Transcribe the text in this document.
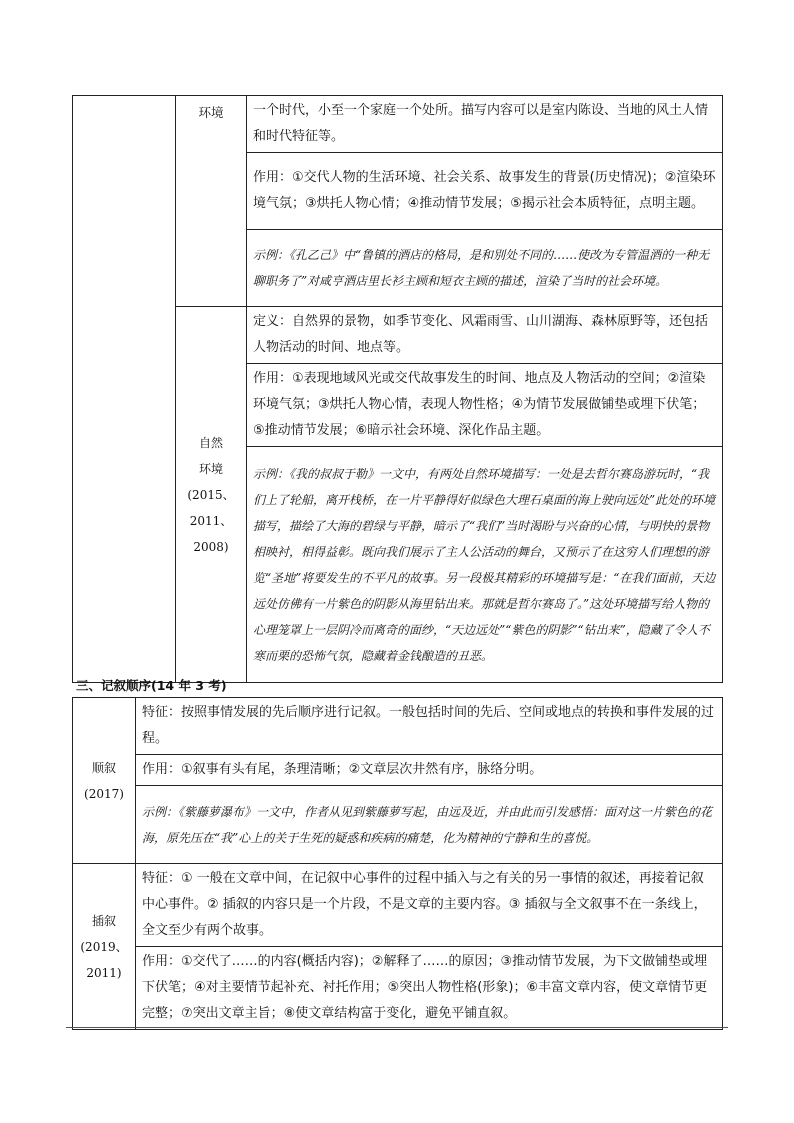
	环境	一个时代，小至一个家庭一个处所。描写内容可以是室内陈设、当地的风土人情和时代特征等。
		作用：①交代人物的生活环境、社会关系、故事发生的背景(历史情况)；②渲染环境气氛；③烘托人物心情；④推动情节发展；⑤揭示社会本质特征，点明主题。
		示例：《孔乙己》中“鲁镇的酒店的格局，是和别处不同的……使改为专管温酒的一种无聊职务了”对咸亨酒店里长衫主顾和短衣主顾的描述，渲染了当时的社会环境。

	自然
环境
(2015、
2011、
2008)	定义：自然界的景物，如季节变化、风霜雨雪、山川湖海、森林原野等，还包括人物活动的时间、地点等。
		作用：①表现地域风光或交代故事发生的时间、地点及人物活动的空间；②渲染环境气氛；③烘托人物心情，表现人物性格；④为情节发展做铺垫或埋下伏笔；⑤推动情节发展；⑥暗示社会环境、深化作品主题。
		示例：《我的叔叔于勒》一文中，有两处自然环境描写：一处是去哲尔赛岛游玩时，“我们上了轮船，离开栈桥，在一片平静得好似绿色大理石桌面的海上驶向远处”此处的环境描写，描绘了大海的碧绿与平静，暗示了“我们”当时渴盼与兴奋的心情，与明快的景物相映衬，相得益彰。既向我们展示了主人公活动的舞台，又预示了在这穷人们理想的游览“圣地”将要发生的不平凡的故事。另一段极其精彩的环境描写是：“在我们面前，天边远处仿佛有一片紫色的阴影从海里钻出来。那就是哲尔赛岛了。”这处环境描写给人物的心理笼罩上一层阴冷而离奇的面纱，“天边远处”“紫色的阴影”“钻出来”，隐藏了令人不寒而栗的恐怖气氛，隐藏着金钱酿造的丑恶。
三、记叙顺序(14 年 3 考)
顺叙
(2017)	特征：按照事情发展的先后顺序进行记叙。一般包括时间的先后、空间或地点的转换和事件发展的过程。
	作用：①叙事有头有尾，条理清晰；②文章层次井然有序，脉络分明。
	示例：《紫藤萝瀑布》一文中，作者从见到紫藤萝写起，由远及近，并由此而引发感悟：面对这一片紫色的花海，原先压在“我”心上的关于生死的疑惑和疾病的痛楚，化为精神的宁静和生的喜悦。

插叙
(2019、
2011)	特征：① 一般在文章中间，在记叙中心事件的过程中插入与之有关的另一事情的叙述，再接着记叙中心事件。② 插叙的内容只是一个片段，不是文章的主要内容。③ 插叙与全文叙事不在一条线上，全文至少有两个故事。
	作用：①交代了……的内容(概括内容)；②解释了……的原因；③推动情节发展，为下文做铺垫或埋下伏笔；④对主要情节起补充、衬托作用；⑤突出人物性格(形象)；⑥丰富文章内容，使文章情节更完整；⑦突出文章主旨；⑧使文章结构富于变化，避免平铺直叙。
